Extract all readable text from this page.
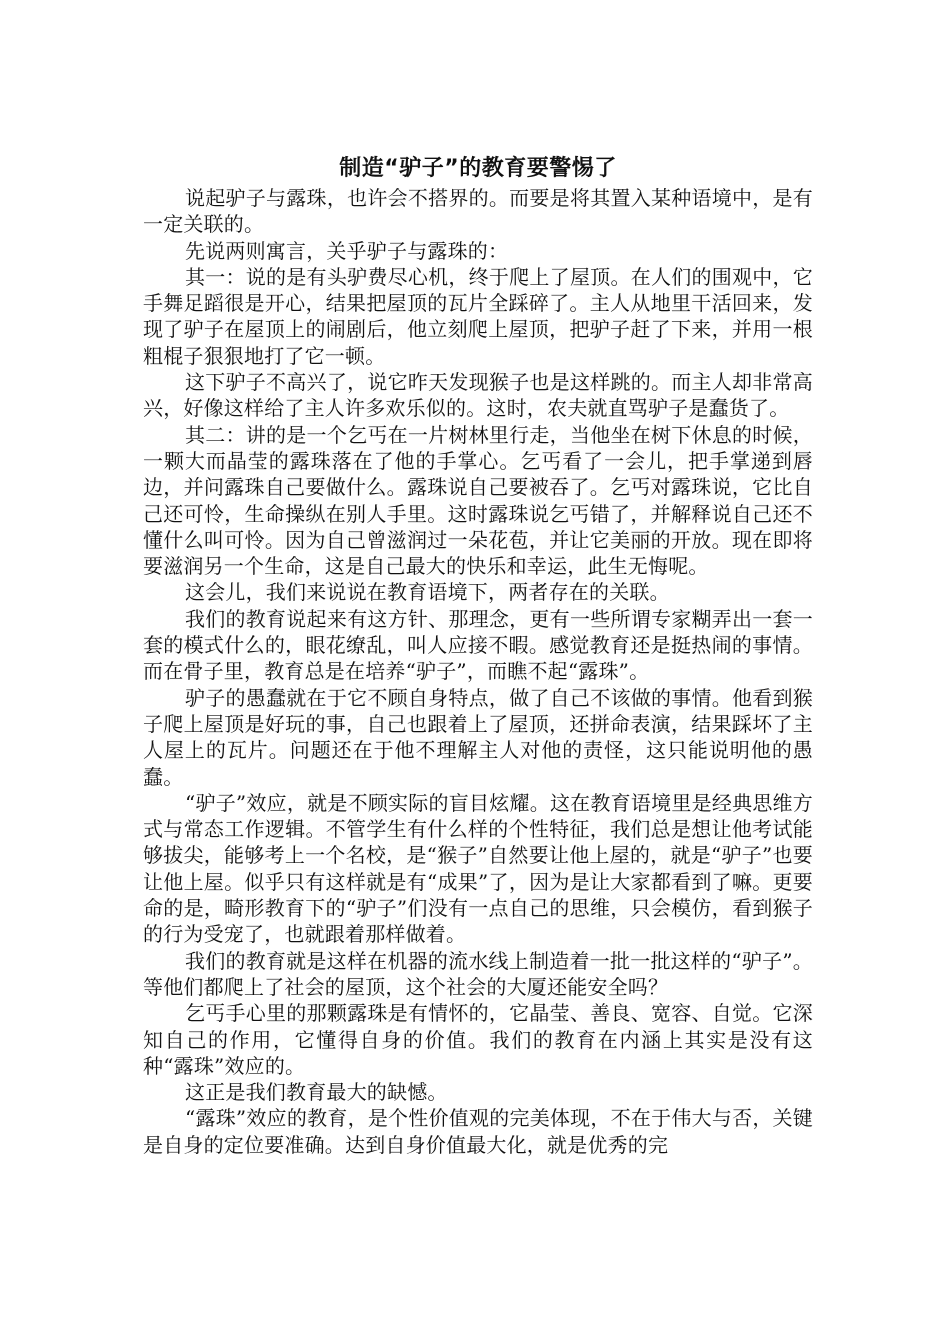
制造“驴子”的教育要警惕了

说起驴子与露珠，也许会不搭界的。而要是将其置入某种语境中，是有一定关联的。

先说两则寓言，关乎驴子与露珠的：

其一：说的是有头驴费尽心机，终于爬上了屋顶。在人们的围观中，它手舞足蹈很是开心，结果把屋顶的瓦片全踩碎了。主人从地里干活回来，发现了驴子在屋顶上的闹剧后，他立刻爬上屋顶，把驴子赶了下来，并用一根粗棍子狠狠地打了它一顿。

这下驴子不高兴了，说它昨天发现猴子也是这样跳的。而主人却非常高兴，好像这样给了主人许多欢乐似的。这时，农夫就直骂驴子是蠢货了。

其二：讲的是一个乞丐在一片树林里行走，当他坐在树下休息的时候，一颗大而晶莹的露珠落在了他的手掌心。乞丐看了一会儿，把手掌递到唇边，并问露珠自己要做什么。露珠说自己要被吞了。乞丐对露珠说，它比自己还可怜，生命操纵在别人手里。这时露珠说乞丐错了，并解释说自己还不懂什么叫可怜。因为自己曾滋润过一朵花苞，并让它美丽的开放。现在即将要滋润另一个生命，这是自己最大的快乐和幸运，此生无悔呢。

这会儿，我们来说说在教育语境下，两者存在的关联。

我们的教育说起来有这方针、那理念，更有一些所谓专家糊弄出一套一套的模式什么的，眼花缭乱，叫人应接不暇。感觉教育还是挺热闹的事情。而在骨子里，教育总是在培养“驴子”，而瞧不起“露珠”。

驴子的愚蠢就在于它不顾自身特点，做了自己不该做的事情。他看到猴子爬上屋顶是好玩的事，自己也跟着上了屋顶，还拼命表演，结果踩坏了主人屋上的瓦片。问题还在于他不理解主人对他的责怪，这只能说明他的愚蠢。

“驴子”效应，就是不顾实际的盲目炫耀。这在教育语境里是经典思维方式与常态工作逻辑。不管学生有什么样的个性特征，我们总是想让他考试能够拔尖，能够考上一个名校，是“猴子”自然要让他上屋的，就是“驴子”也要让他上屋。似乎只有这样就是有“成果”了，因为是让大家都看到了嘛。更要命的是，畸形教育下的“驴子”们没有一点自己的思维，只会模仿，看到猴子的行为受宠了，也就跟着那样做着。

我们的教育就是这样在机器的流水线上制造着一批一批这样的“驴子”。等他们都爬上了社会的屋顶，这个社会的大厦还能安全吗？

乞丐手心里的那颗露珠是有情怀的，它晶莹、善良、宽容、自觉。它深知自己的作用，它懂得自身的价值。我们的教育在内涵上其实是没有这种“露珠”效应的。

这正是我们教育最大的缺憾。

“露珠”效应的教育，是个性价值观的完美体现，不在于伟大与否，关键是自身的定位要准确。达到自身价值最大化，就是优秀的完
